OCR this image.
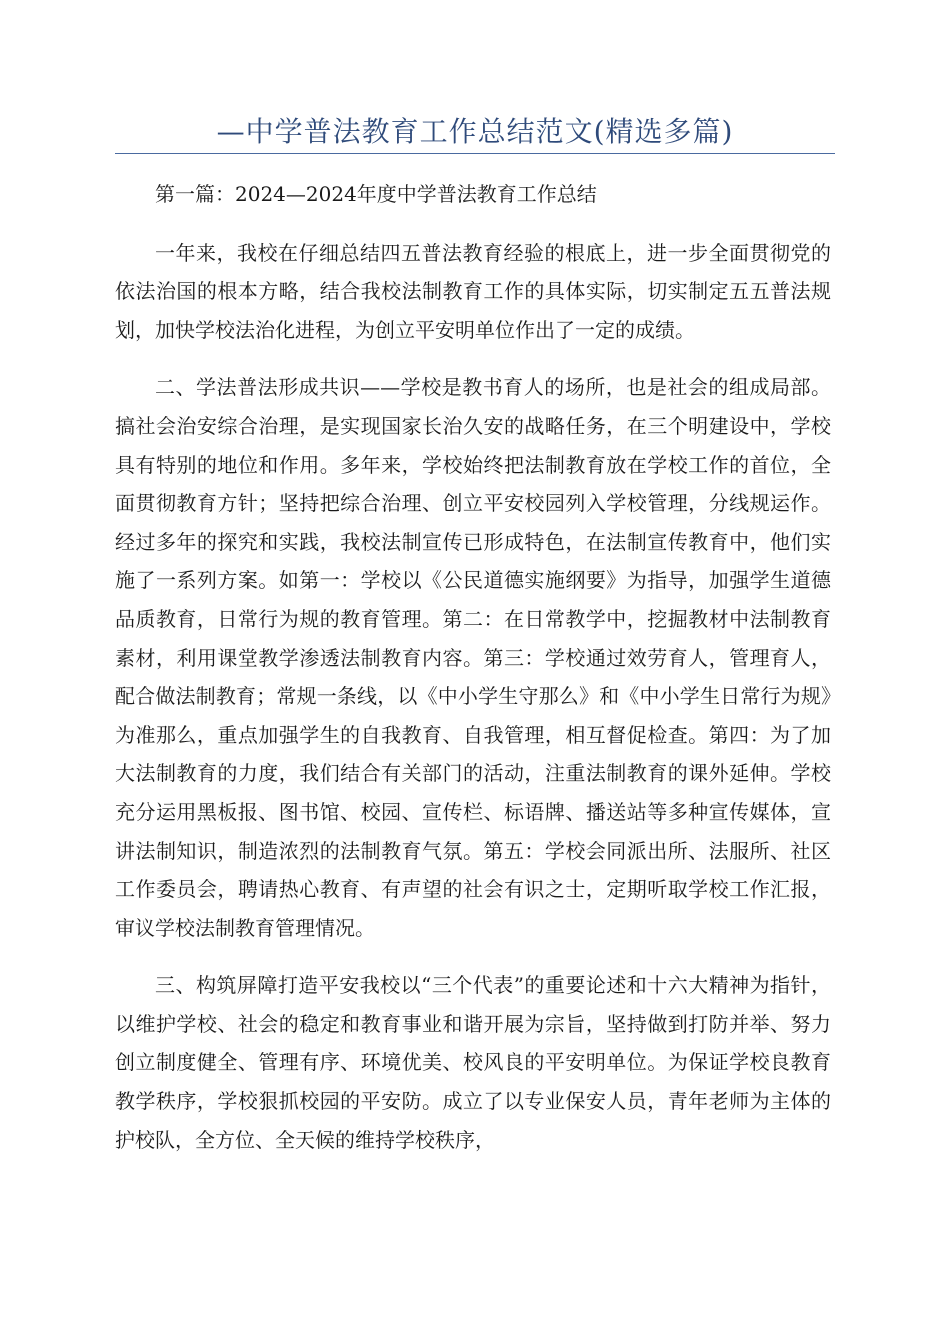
—中学普法教育工作总结范文(精选多篇)

第一篇：2024—2024年度中学普法教育工作总结

一年来，我校在仔细总结四五普法教育经验的根底上，进一步全面贯彻党的依法治国的根本方略，结合我校法制教育工作的具体实际，切实制定五五普法规划，加快学校法治化进程，为创立平安明单位作出了一定的成绩。

二、学法普法形成共识——学校是教书育人的场所，也是社会的组成局部。搞社会治安综合治理，是实现国家长治久安的战略任务，在三个明建设中，学校具有特别的地位和作用。多年来，学校始终把法制教育放在学校工作的首位，全面贯彻教育方针；坚持把综合治理、创立平安校园列入学校管理，分线规运作。经过多年的探究和实践，我校法制宣传已形成特色，在法制宣传教育中，他们实施了一系列方案。如第一：学校以《公民道德实施纲要》为指导，加强学生道德品质教育，日常行为规的教育管理。第二：在日常教学中，挖掘教材中法制教育素材，利用课堂教学渗透法制教育内容。第三：学校通过效劳育人，管理育人，配合做法制教育；常规一条线，以《中小学生守那么》和《中小学生日常行为规》为准那么，重点加强学生的自我教育、自我管理，相互督促检查。第四：为了加大法制教育的力度，我们结合有关部门的活动，注重法制教育的课外延伸。学校充分运用黑板报、图书馆、校园、宣传栏、标语牌、播送站等多种宣传媒体，宣讲法制知识，制造浓烈的法制教育气氛。第五：学校会同派出所、法服所、社区工作委员会，聘请热心教育、有声望的社会有识之士，定期听取学校工作汇报，审议学校法制教育管理情况。

三、构筑屏障打造平安我校以“三个代表”的重要论述和十六大精神为指针，以维护学校、社会的稳定和教育事业和谐开展为宗旨，坚持做到打防并举、努力创立制度健全、管理有序、环境优美、校风良的平安明单位。为保证学校良教育教学秩序，学校狠抓校园的平安防。成立了以专业保安人员，青年老师为主体的护校队，全方位、全天候的维持学校秩序，
